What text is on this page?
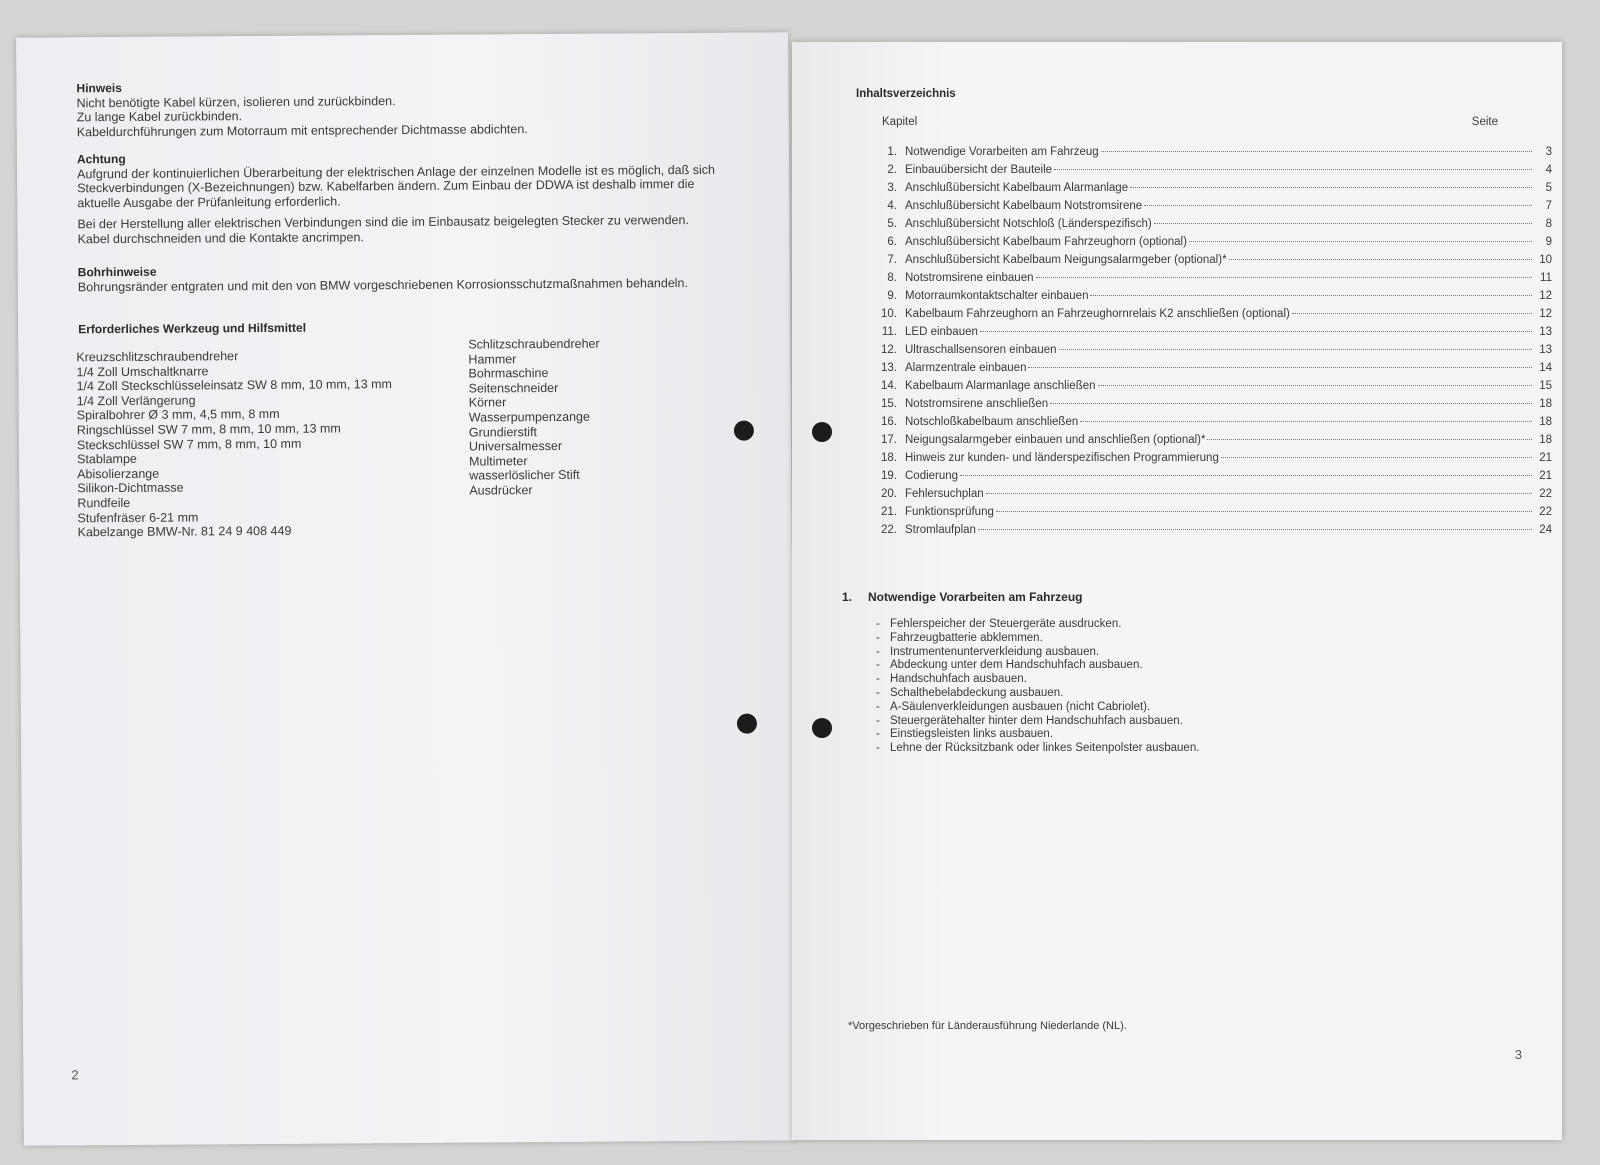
Hinweis
Nicht benötigte Kabel kürzen, isolieren und zurückbinden.
Zu lange Kabel zurückbinden.
Kabeldurchführungen zum Motorraum mit entsprechender Dichtmasse abdichten.
Achtung
Aufgrund der kontinuierlichen Überarbeitung der elektrischen Anlage der einzelnen Modelle ist es möglich, daß sich
Steckverbindungen (X-Bezeichnungen) bzw. Kabelfarben ändern. Zum Einbau der DDWA ist deshalb immer die
aktuelle Ausgabe der Prüfanleitung erforderlich.
Bei der Herstellung aller elektrischen Verbindungen sind die im Einbausatz beigelegten Stecker zu verwenden.
Kabel durchschneiden und die Kontakte ancrimpen.
Bohrhinweise
Bohrungsränder entgraten und mit den von BMW vorgeschriebenen Korrosionsschutzmaßnahmen behandeln.
Erforderliches Werkzeug und Hilfsmittel
Kreuzschlitzschraubendreher
1/4 Zoll Umschaltknarre
1/4 Zoll Steckschlüsseleinsatz SW 8 mm, 10 mm, 13 mm
1/4 Zoll Verlängerung
Spiralbohrer Ø 3 mm, 4,5 mm, 8 mm
Ringschlüssel SW 7 mm, 8 mm, 10 mm, 13 mm
Steckschlüssel SW 7 mm, 8 mm, 10 mm
Stablampe
Abisolierzange
Silikon-Dichtmasse
Rundfeile
Stufenfräser 6-21 mm
Kabelzange BMW-Nr. 81 24 9 408 449
Schlitzschraubendreher
Hammer
Bohrmaschine
Seitenschneider
Körner
Wasserpumpenzange
Grundierstift
Universalmesser
Multimeter
wasserlöslicher Stift
Ausdrücker
2
Inhaltsverzeichnis
Kapitel	Seite
1. Notwendige Vorarbeiten am Fahrzeug	3
2. Einbauübersicht der Bauteile	4
3. Anschlußübersicht Kabelbaum Alarmanlage	5
4. Anschlußübersicht Kabelbaum Notstromsirene	7
5. Anschlußübersicht Notschloß (Länderspezifisch)	8
6. Anschlußübersicht Kabelbaum Fahrzeughorn (optional)	9
7. Anschlußübersicht Kabelbaum Neigungsalarmgeber (optional)*	10
8. Notstromsirene einbauen	11
9. Motorraumkontaktschalter einbauen	12
10. Kabelbaum Fahrzeughorn an Fahrzeughornrelais K2 anschließen (optional)	12
11. LED einbauen	13
12. Ultraschallsensoren einbauen	13
13. Alarmzentrale einbauen	14
14. Kabelbaum Alarmanlage anschließen	15
15. Notstromsirene anschließen	18
16. Notschloßkabelbaum anschließen	18
17. Neigungsalarmgeber einbauen und anschließen (optional)*	18
18. Hinweis zur kunden- und länderspezifischen Programmierung	21
19. Codierung	21
20. Fehlersuchplan	22
21. Funktionsprüfung	22
22. Stromlaufplan	24
1. Notwendige Vorarbeiten am Fahrzeug
- Fehlerspeicher der Steuergeräte ausdrucken.
- Fahrzeugbatterie abklemmen.
- Instrumentenunterverkleidung ausbauen.
- Abdeckung unter dem Handschuhfach ausbauen.
- Handschuhfach ausbauen.
- Schalthebelabdeckung ausbauen.
- A-Säulenverkleidungen ausbauen (nicht Cabriolet).
- Steuergerätehalter hinter dem Handschuhfach ausbauen.
- Einstiegsleisten links ausbauen.
- Lehne der Rücksitzbank oder linkes Seitenpolster ausbauen.
*Vorgeschrieben für Länderausführung Niederlande (NL).
3
